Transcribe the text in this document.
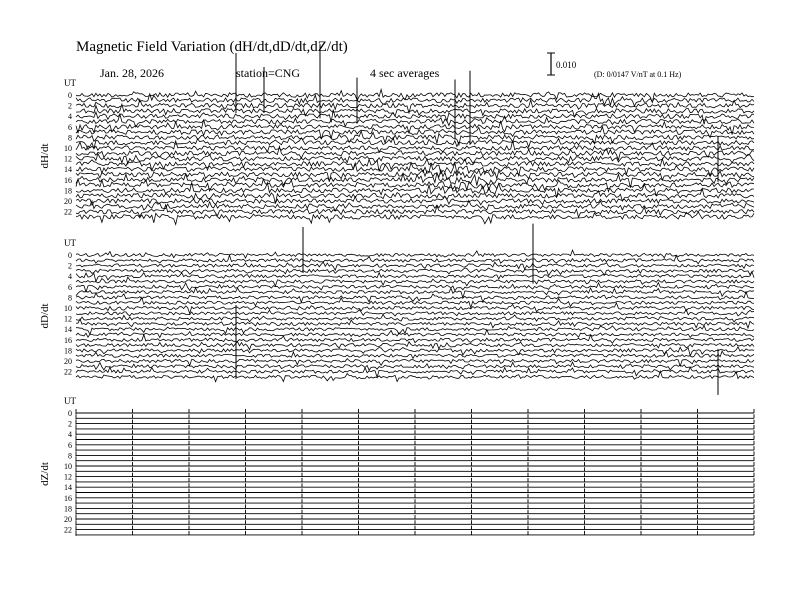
Magnetic Field Variation (dH/dt,dD/dt,dZ/dt)
Jan. 28, 2026	station=CNG	4 sec averages
0.010
(D: 0/0147 V/nT at 0.1 Hz)
UT
dH/dt
0
2
4
6
8
10
12
14
16
18
20
22
UT
dD/dt
0
2
4
6
8
10
12
14
16
18
20
22
UT
dZ/dt
0
2
4
6
8
10
12
14
16
18
20
22
